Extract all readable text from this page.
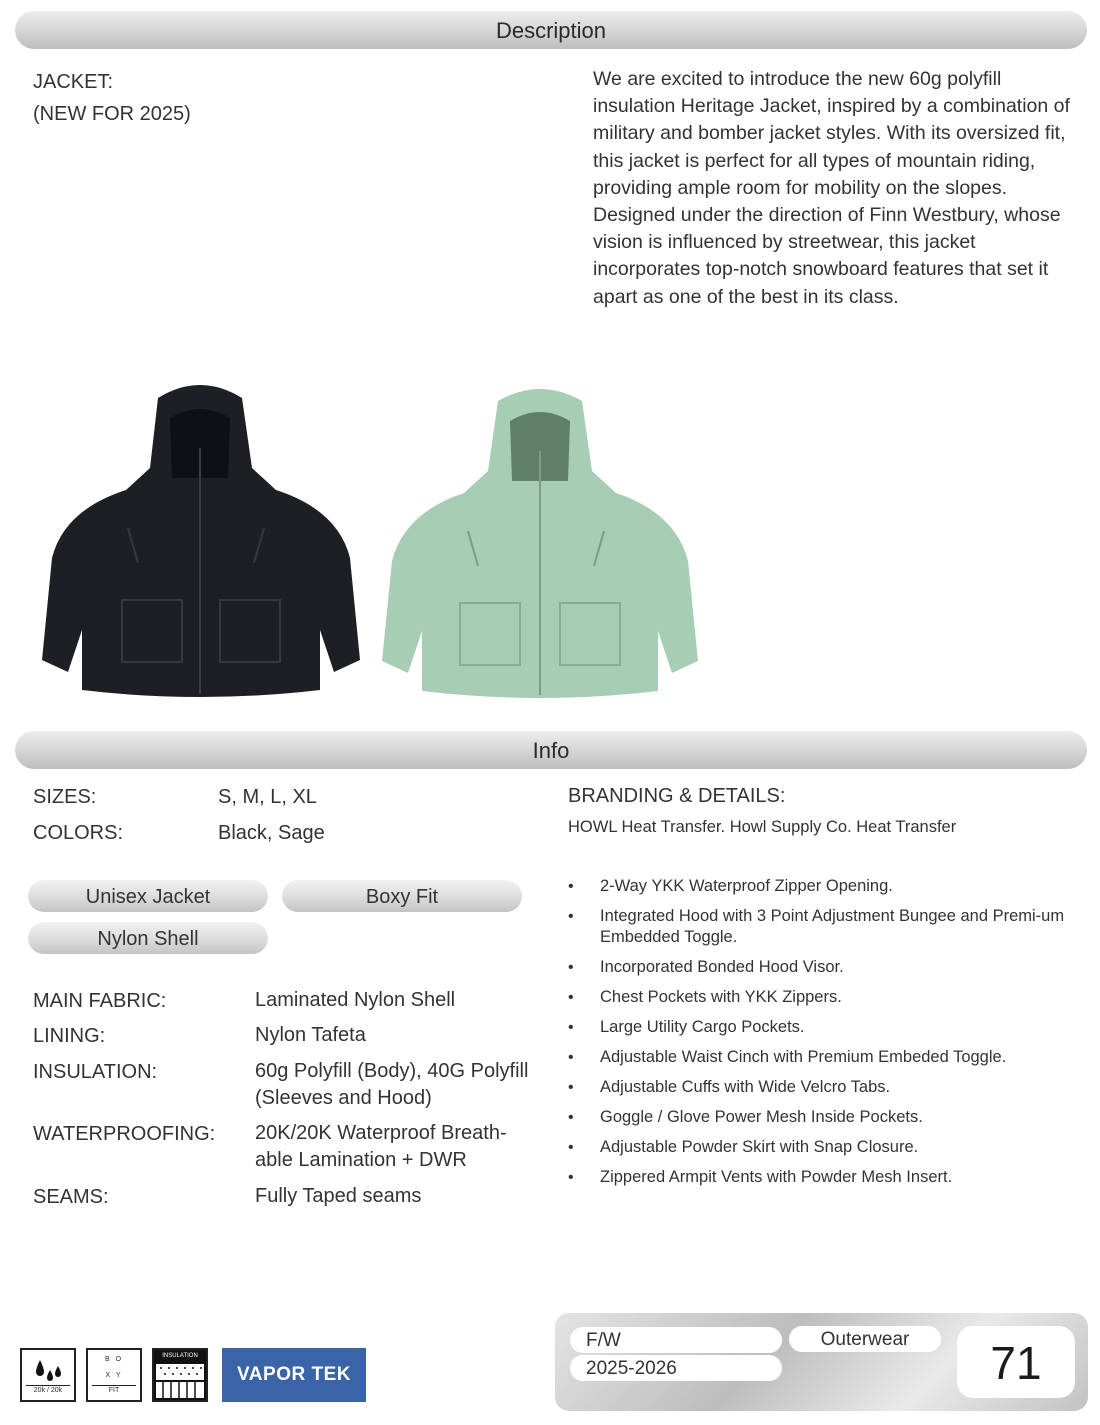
Description
JACKET:
(NEW FOR 2025)
We are excited to introduce the new 60g polyfill insulation Heritage Jacket, inspired by a combination of military and bomber jacket styles. With its oversized fit, this jacket is perfect for all types of mountain riding, providing ample room for mobility on the slopes. Designed under the direction of Finn Westbury, whose vision is influenced by streetwear, this jacket incorporates top-notch snowboard features that set it apart as one of the best in its class.
Info
SIZES:	S, M, L, XL
COLORS:	Black, Sage
Unisex Jacket	Boxy Fit
Nylon Shell
MAIN FABRIC:	Laminated Nylon Shell
LINING:	Nylon Tafeta
INSULATION:	60g Polyfill (Body), 40G Polyfill (Sleeves and Hood)
WATERPROOFING: 20K/20K Waterproof Breath-able Lamination + DWR
SEAMS:	Fully Taped seams
BRANDING & DETAILS:
HOWL Heat Transfer. Howl Supply Co. Heat Transfer
• 2-Way YKK Waterproof Zipper Opening.
• Integrated Hood with 3 Point Adjustment Bungee and Premi-um Embedded Toggle.
• Incorporated Bonded Hood Visor.
• Chest Pockets with YKK Zippers.
• Large Utility Cargo Pockets.
• Adjustable Waist Cinch with Premium Embeded Toggle.
• Adjustable Cuffs with Wide Velcro Tabs.
• Goggle / Glove Power Mesh Inside Pockets.
• Adjustable Powder Skirt with Snap Closure.
• Zippered Armpit Vents with Powder Mesh Insert.
20k / 20k
B O
X Y
FIT
INSULATION
VAPOR TEK
F/W
2025-2026
Outerwear	71
